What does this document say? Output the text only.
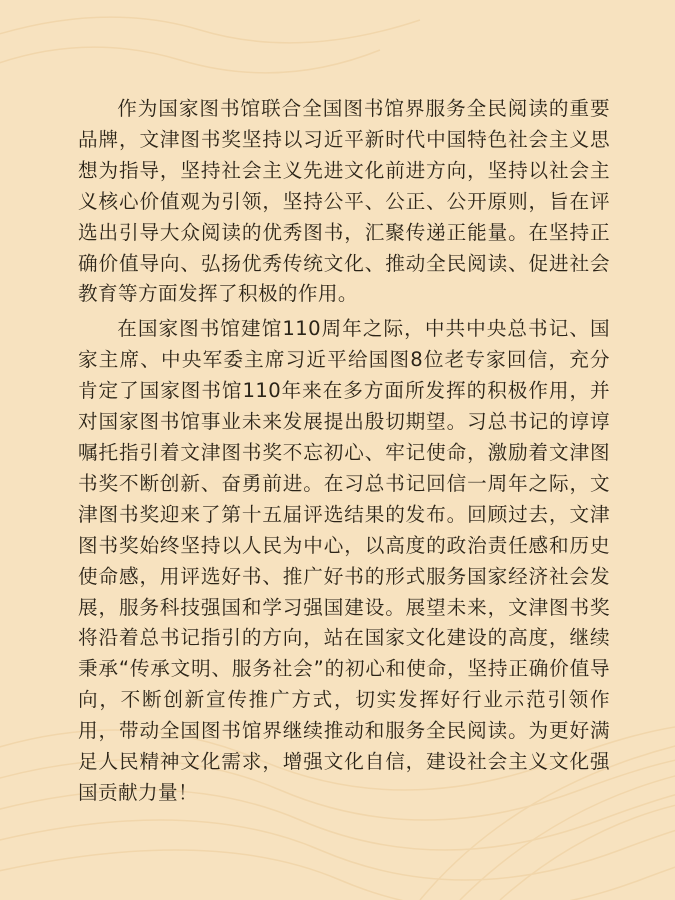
作为国家图书馆联合全国图书馆界服务全民阅读的重要品牌，文津图书奖坚持以习近平新时代中国特色社会主义思想为指导，坚持社会主义先进文化前进方向，坚持以社会主义核心价值观为引领，坚持公平、公正、公开原则，旨在评选出引导大众阅读的优秀图书，汇聚传递正能量。在坚持正确价值导向、弘扬优秀传统文化、推动全民阅读、促进社会教育等方面发挥了积极的作用。

在国家图书馆建馆110周年之际，中共中央总书记、国家主席、中央军委主席习近平给国图8位老专家回信，充分肯定了国家图书馆110年来在多方面所发挥的积极作用，并对国家图书馆事业未来发展提出殷切期望。习总书记的谆谆嘱托指引着文津图书奖不忘初心、牢记使命，激励着文津图书奖不断创新、奋勇前进。在习总书记回信一周年之际，文津图书奖迎来了第十五届评选结果的发布。回顾过去，文津图书奖始终坚持以人民为中心，以高度的政治责任感和历史使命感，用评选好书、推广好书的形式服务国家经济社会发展，服务科技强国和学习强国建设。展望未来，文津图书奖将沿着总书记指引的方向，站在国家文化建设的高度，继续秉承“传承文明、服务社会”的初心和使命，坚持正确价值导向，不断创新宣传推广方式，切实发挥好行业示范引领作用，带动全国图书馆界继续推动和服务全民阅读。为更好满足人民精神文化需求，增强文化自信，建设社会主义文化强国贡献力量！
